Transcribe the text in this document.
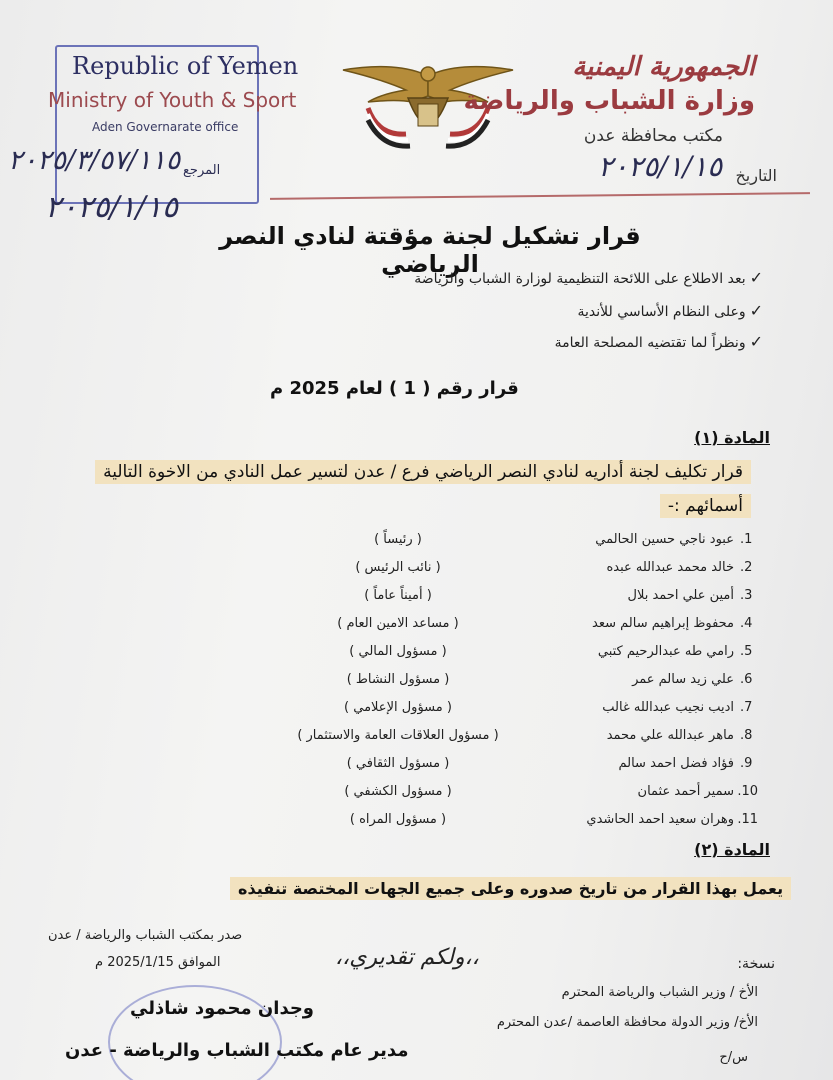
Republic of Yemen
Ministry of Youth & Sport
Aden Governarate office
المرجع
٢٠٢٥/٣/٥٧/١١٥
٢٠٢٥/١/١٥
الجمهورية اليمنية
وزارة الشباب والرياضة
مكتب محافظة عدن
التاريخ
٢٠٢٥/١/١٥
قرار تشكيل لجنة مؤقتة لنادي النصر الرياضي	✓بعد الاطلاع على اللائحة التنظيمية لوزارة الشباب والرياضة
✓وعلى النظام الأساسي للأندية
✓ونظراً لما تقتضيه المصلحة العامة
قرار رقم ( 1 ) لعام 2025 م
المادة (١)
قرار تكليف لجنة أداريه لنادي النصر الرياضي فرع / عدن لتسير عمل النادي من الاخوة التالية
أسمائهم :-
1.
عبود ناجي حسين الحالمي
( رئيساً )
2.
خالد محمد عبدالله عبده
( نائب الرئيس )
3.
أمين علي احمد بلال
( أميناً عاماً )
4.
محفوظ إبراهيم سالم سعد
( مساعد الامين العام )
5.
رامي طه عبدالرحيم كتبي
( مسؤول المالي )
6.
علي زيد سالم عمر
( مسؤول النشاط )
7.
اديب نجيب عبدالله غالب
( مسؤول الإعلامي )
8.
ماهر عبدالله علي محمد
( مسؤول العلاقات العامة والاستثمار )
9.
فؤاد فضل احمد سالم
( مسؤول الثقافي )
10.
سمير أحمد عثمان
( مسؤول الكشفي )
11.
وهران سعيد احمد الحاشدي
( مسؤول المراه )
المادة (٢)
يعمل بهذا القرار من تاريخ صدوره وعلى جميع الجهات المختصة تنفيذه
صدر بمكتب الشباب والرياضة / عدن
الموافق 2025/1/15 م	،،ولكم تقديري،،	نسخة:
الأخ / وزير الشباب والرياضة المحترم
الأخ/ وزير الدولة محافظة العاصمة /عدن المحترم
س/ح
وجدان محمود شاذلي
مدير عام مكتب الشباب والرياضة - عدن
